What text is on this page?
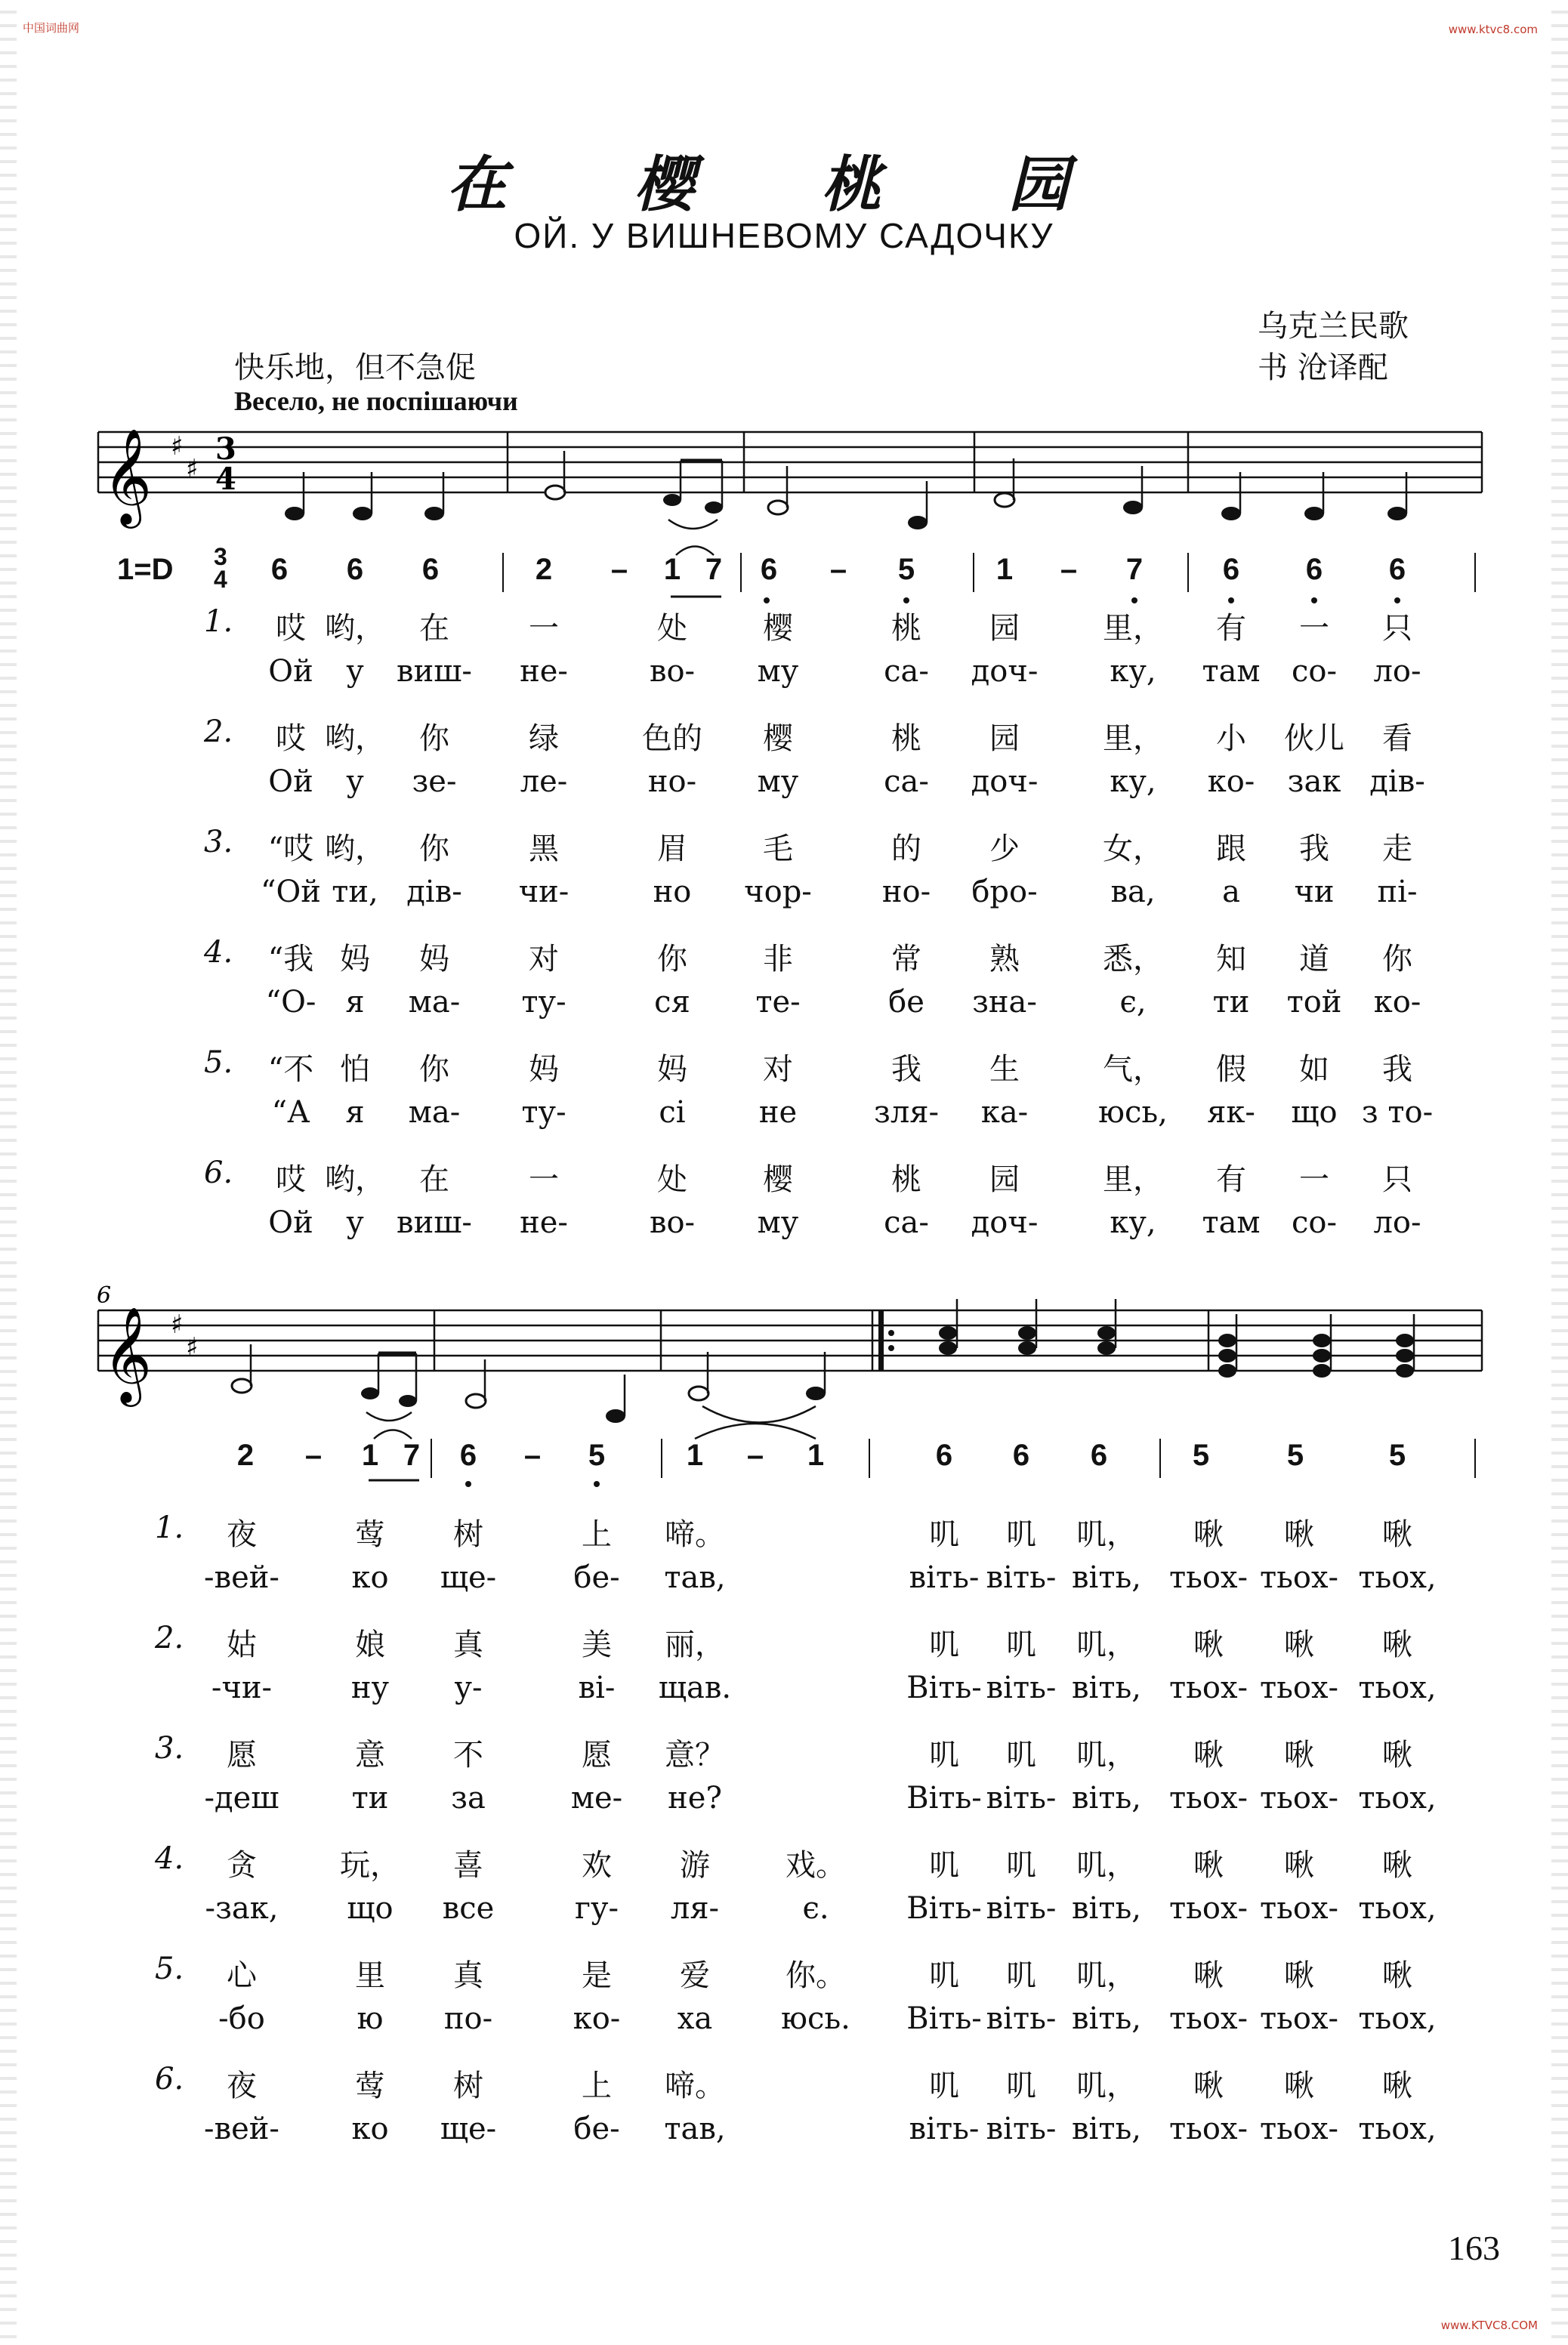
中国词曲网	www.ktvc8.com
www.KTVC8.COM
在 樱 桃 园
ОЙ. У ВИШНЕВОМУ САДОЧКУ
乌克兰民歌
书 沧译配
快乐地，但不急促
Весело, не поспішаючи
𝄞 ♯
♯
3
4
6
𝄞 ♯
♯
1=D 3
4	6	6	6	2	–	1 7	6	–	5	1	–	7	6	6	6
1. 哎 哟， 在	一	处	樱	桃 园	里， 有 一 只
Ой у виш- не-	во- му	са- доч- ку, там со- ло-
2. 哎 哟， 你	绿	色的 樱	桃 园	里， 小 伙儿 看
Ой у зе- ле-	но- му	са- доч- ку, ко- зак дів-
3. “哎 哟， 你	黑	眉	毛	的 少	女， 跟 我 走
“Ой ти, дів- чи-	но чор- но- бро- ва, а чи пі-
4. “我 妈 妈	对	你	非	常 熟	悉， 知 道 你
“О- я ма- ту-	ся те-	бе зна-	є, ти той ко-
5. “不 怕 你	妈	妈	对	我 生	气， 假 如 我
“А я ма- ту-	сі не	зля- ка- юсь, як- що з то-
6. 哎 哟， 在	一	处	樱	桃 园	里， 有 一 只
Ой у виш- не-	во- му	са- доч- ку, там со- ло-
2	–	1 7	6	–	5	1	–	1	6	6	6	5	5	5
1. 夜	莺 树	上 啼。	叽 叽 叽， 啾 啾 啾
-вей- ко ще-	бе- тав,	віть- віть- віть, тьох- тьох- тьох,
2. 姑	娘 真	美 丽，	叽 叽 叽， 啾 啾 啾
-чи-	ну у-	ві- щав.	Віть- віть- віть, тьох- тьох- тьох,
3. 愿	意 不	愿 意？	叽 叽 叽， 啾 啾 啾
-деш ти за	ме- не?	Віть- віть- віть, тьох- тьох- тьох,
4. 贪	玩， 喜	欢 游	戏。	叽 叽 叽， 啾 啾 啾
-зак, що все	гу- ля-	є.	Віть- віть- віть, тьох- тьох- тьох,
5. 心	里 真	是 爱	你。	叽 叽 叽， 啾 啾 啾
-бо	ю по-	ко- ха юсь. Віть- віть- віть, тьох- тьох- тьох,
6. 夜	莺 树	上 啼。	叽 叽 叽， 啾 啾 啾
-вей- ко ще-	бе- тав,	віть- віть- віть, тьох- тьох- тьох,
163
